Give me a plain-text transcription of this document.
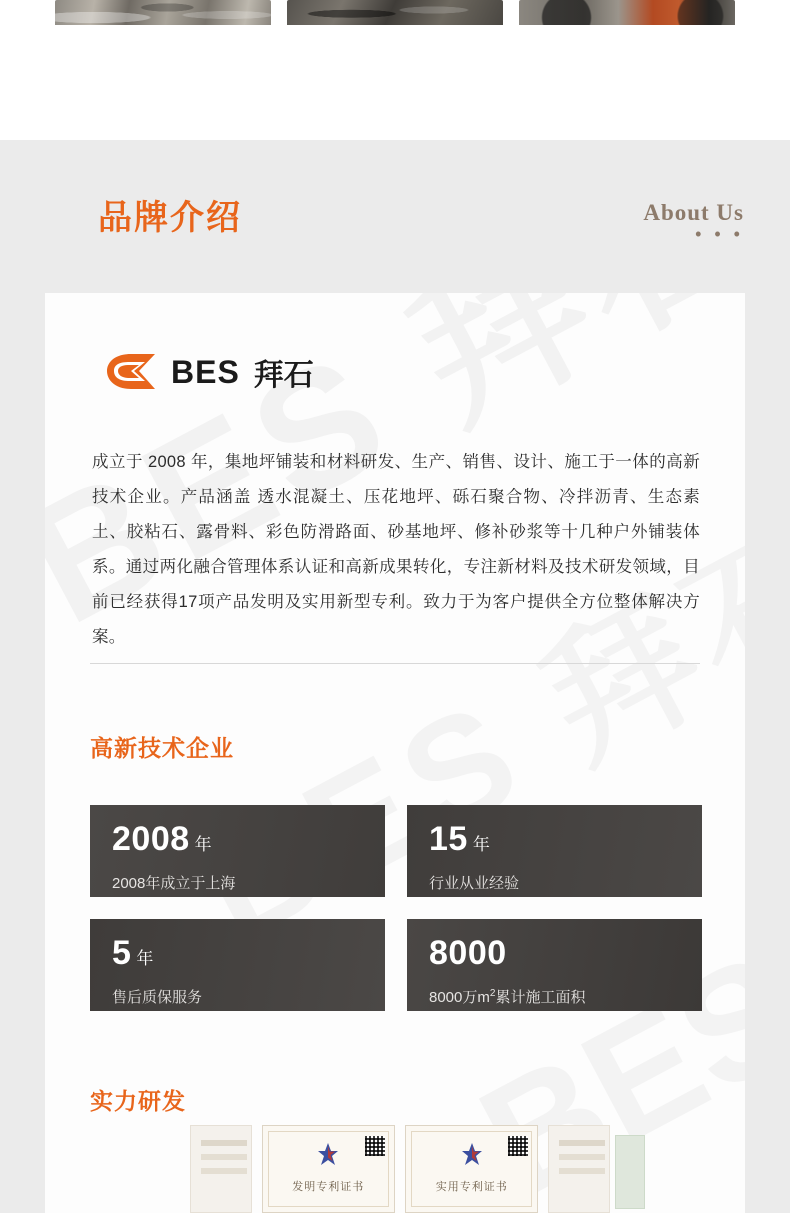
品牌介绍	About Us
• • •
BES 拜石

成立于 2008 年，集地坪铺装和材料研发、生产、销售、设计、施工于一体的高新技术企业。产品涵盖 透水混凝土、压花地坪、砾石聚合物、冷拌沥青、生态素土、胶粘石、露骨料、彩色防滑路面、砂基地坪、修补砂浆等十几种户外铺装体系。通过两化融合管理体系认证和高新成果转化，专注新材料及技术研发领域，目前已经获得17项产品发明及实用新型专利。致力于为客户提供全方位整体解决方案。

高新技术企业
2008 年
2008年成立于上海
15 年
行业从业经验
5 年
售后质保服务
8000
8000万$m^2$累计施工面积
实力研发
发明专利证书	实用专利证书
